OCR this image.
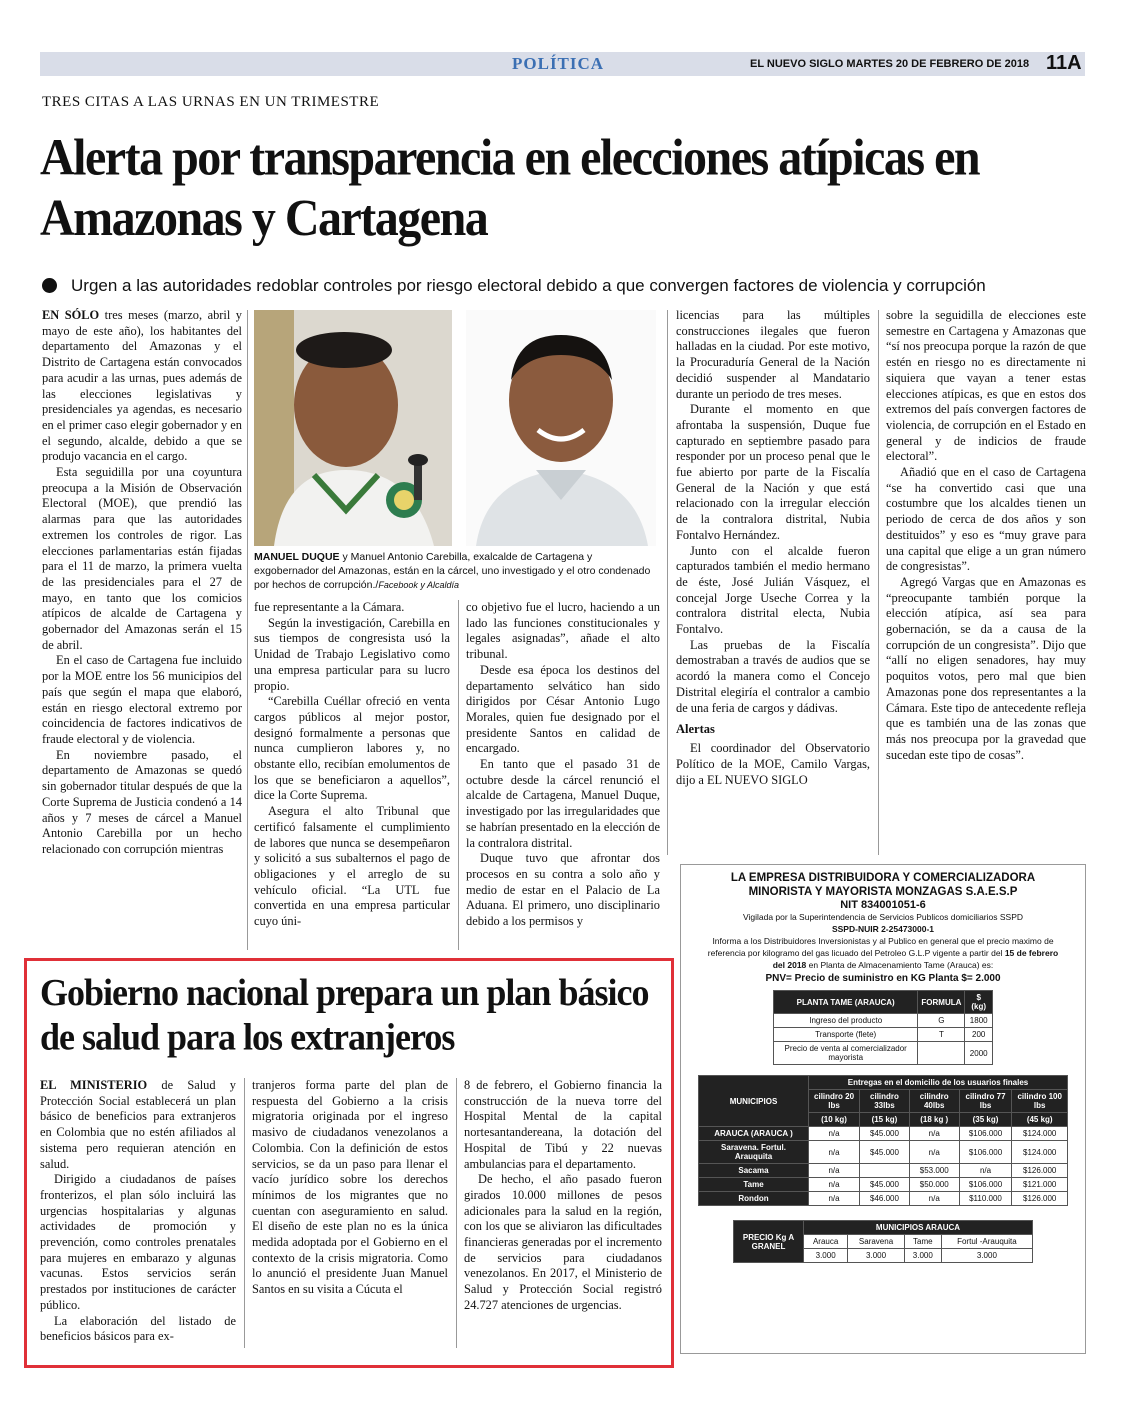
POLÍTICA	EL NUEVO SIGLO MARTES 20 DE FEBRERO DE 2018 11A
TRES CITAS A LAS URNAS EN UN TRIMESTRE
Alerta por transparencia en elecciones atípicas en Amazonas y Cartagena
Urgen a las autoridades redoblar controles por riesgo electoral debido a que convergen factores de violencia y corrupción

EN SÓLO tres meses (marzo, abril y mayo de este año), los habitantes del departamento del Amazonas y el Distrito de Cartagena están convocados para acudir a las urnas, pues además de las elecciones legislativas y presidenciales ya agendas, es necesario en el primer caso elegir gobernador y en el segundo, alcalde, debido a que se produjo vacancia en el cargo.

Esta seguidilla por una coyuntura preocupa a la Misión de Observación Electoral (MOE), que prendió las alarmas para que las autoridades extremen los controles de rigor. Las elecciones parlamentarias están fijadas para el 11 de marzo, la primera vuelta de las presidenciales para el 27 de mayo, en tanto que los comicios atípicos de alcalde de Cartagena y gobernador del Amazonas serán el 15 de abril.

En el caso de Cartagena fue incluido por la MOE entre los 56 municipios del país que según el mapa que elaboró, están en riesgo electoral extremo por coincidencia de factores indicativos de fraude electoral y de violencia.

En noviembre pasado, el departamento de Amazonas se quedó sin gobernador titular después de que la Corte Suprema de Justicia condenó a 14 años y 7 meses de cárcel a Manuel Antonio Carebilla por un hecho relacionado con corrupción mientras

MANUEL DUQUE y Manuel Antonio Carebilla, exalcalde de Cartagena y exgobernador del Amazonas, están en la cárcel, uno investigado y el otro condenado por hechos de corrupción./Facebook y Alcaldía

fue representante a la Cámara.

Según la investigación, Carebilla en sus tiempos de congresista usó la Unidad de Trabajo Legislativo como una empresa particular para su lucro propio.

“Carebilla Cuéllar ofreció en venta cargos públicos al mejor postor, designó formalmente a personas que nunca cumplieron labores y, no obstante ello, recibían emolumentos de los que se beneficiaron a aquellos”, dice la Corte Suprema.

Asegura el alto Tribunal que certificó falsamente el cumplimiento de labores que nunca se desempeñaron y solicitó a sus subalternos el pago de obligaciones y el arreglo de su vehículo oficial. “La UTL fue convertida en una empresa particular cuyo úni-

co objetivo fue el lucro, haciendo a un lado las funciones constitucionales y legales asignadas”, añade el alto tribunal.

Desde esa época los destinos del departamento selvático han sido dirigidos por César Antonio Lugo Morales, quien fue designado por el presidente Santos en calidad de encargado.

En tanto que el pasado 31 de octubre desde la cárcel renunció el alcalde de Cartagena, Manuel Duque, investigado por las irregularidades que se habrían presentado en la elección de la contralora distrital.

Duque tuvo que afrontar dos procesos en su contra a solo año y medio de estar en el Palacio de La Aduana. El primero, uno disciplinario debido a los permisos y

licencias para las múltiples construcciones ilegales que fueron halladas en la ciudad. Por este motivo, la Procuraduría General de la Nación decidió suspender al Mandatario durante un periodo de tres meses.

Durante el momento en que afrontaba la suspensión, Duque fue capturado en septiembre pasado para responder por un proceso penal que le fue abierto por parte de la Fiscalía General de la Nación y que está relacionado con la irregular elección de la contralora distrital, Nubia Fontalvo Hernández.

Junto con el alcalde fueron capturados también el medio hermano de éste, José Julián Vásquez, el concejal Jorge Useche Correa y la contralora distrital electa, Nubia Fontalvo.

Las pruebas de la Fiscalía demostraban a través de audios que se acordó la manera como el Concejo Distrital elegiría el contralor a cambio de una feria de cargos y dádivas.

Alertas

El coordinador del Observatorio Político de la MOE, Camilo Vargas, dijo a EL NUEVO SIGLO

sobre la seguidilla de elecciones este semestre en Cartagena y Amazonas que “sí nos preocupa porque la razón de que estén en riesgo no es directamente ni siquiera que vayan a tener estas elecciones atípicas, es que en estos dos extremos del país convergen factores de violencia, de corrupción en el Estado en general y de indicios de fraude electoral”.

Añadió que en el caso de Cartagena “se ha convertido casi que una costumbre que los alcaldes tienen un periodo de cerca de dos años y son destituidos” y eso es “muy grave para una capital que elige a un gran número de congresistas”.

Agregó Vargas que en Amazonas es “preocupante también porque la elección atípica, así sea para gobernación, se da a causa de la corrupción de un congresista”. Dijo que “allí no eligen senadores, hay muy poquitos votos, pero mal que bien Amazonas pone dos representantes a la Cámara. Este tipo de antecedente refleja que es también una de las zonas que más nos preocupa por la gravedad que sucedan este tipo de cosas”.

Gobierno nacional prepara un plan básico de salud para los extranjeros

EL MINISTERIO de Salud y Protección Social establecerá un plan básico de beneficios para extranjeros en Colombia que no estén afiliados al sistema pero requieran atención en salud.

Dirigido a ciudadanos de países fronterizos, el plan sólo incluirá las urgencias hospitalarias y algunas actividades de promoción y prevención, como controles prenatales para mujeres en embarazo y algunas vacunas. Estos servicios serán prestados por instituciones de carácter público.

La elaboración del listado de beneficios básicos para ex-

tranjeros forma parte del plan de respuesta del Gobierno a la crisis migratoria originada por el ingreso masivo de ciudadanos venezolanos a Colombia. Con la definición de estos servicios, se da un paso para llenar el vacío jurídico sobre los derechos mínimos de los migrantes que no cuentan con aseguramiento en salud. El diseño de este plan no es la única medida adoptada por el Gobierno en el contexto de la crisis migratoria. Como lo anunció el presidente Juan Manuel Santos en su visita a Cúcuta el

8 de febrero, el Gobierno financia la construcción de la nueva torre del Hospital Mental de la capital nortesantandereana, la dotación del Hospital de Tibú y 22 nuevas ambulancias para el departamento.

De hecho, el año pasado fueron girados 10.000 millones de pesos adicionales para la salud en la región, con los que se aliviaron las dificultades financieras generadas por el incremento de servicios para ciudadanos venezolanos. En 2017, el Ministerio de Salud y Protección Social registró 24.727 atenciones de urgencias.

LA EMPRESA DISTRIBUIDORA Y COMERCIALIZADORA MINORISTA Y MAYORISTA MONZAGAS S.A.E.S.P
NIT 834001051-6
Vigilada por la Superintendencia de Servicios Publicos domiciliarios SSPD
SSPD-NUIR 2-25473000-1
Informa a los Distribuidores Inversionistas y al Publico en general que el precio maximo de referencia por kilogramo del gas licuado del Petroleo G.L.P vigente a partir del 15 de febrero del 2018 en Planta de Almacenamiento Tame (Arauca) es:
PNV= Precio de suministro en KG Planta $= 2.000
PLANTA TAME (ARAUCA)	FORMULA	$ (kg)
Ingreso del producto	G	1800
Transporte (flete)	T	200
Precio de venta al comercializador mayorista		2000
MUNICIPIOS	Entregas en el domicilio de los usuarios finales				
	cilindro 20 lbs	cilindro 33lbs	cilindro 40lbs	cilindro 77 lbs	cilindro 100 lbs
	(10 kg)	(15 kg)	(18 kg )	(35 kg)	(45 kg)
ARAUCA (ARAUCA )	n/a	$45.000	n/a	$106.000	$124.000
Saravena. Fortul. Arauquita	n/a	$45.000	n/a	$106.000	$124.000
Sacama	n/a		$53.000	n/a	$126.000
Tame	n/a	$45.000	$50.000	$106.000	$121.000
Rondon	n/a	$46.000	n/a	$110.000	$126.000
PRECIO Kg A GRANEL	MUNICIPIOS ARAUCA			
	Arauca	Saravena	Tame	Fortul -Arauquita
	3.000	3.000	3.000	3.000
